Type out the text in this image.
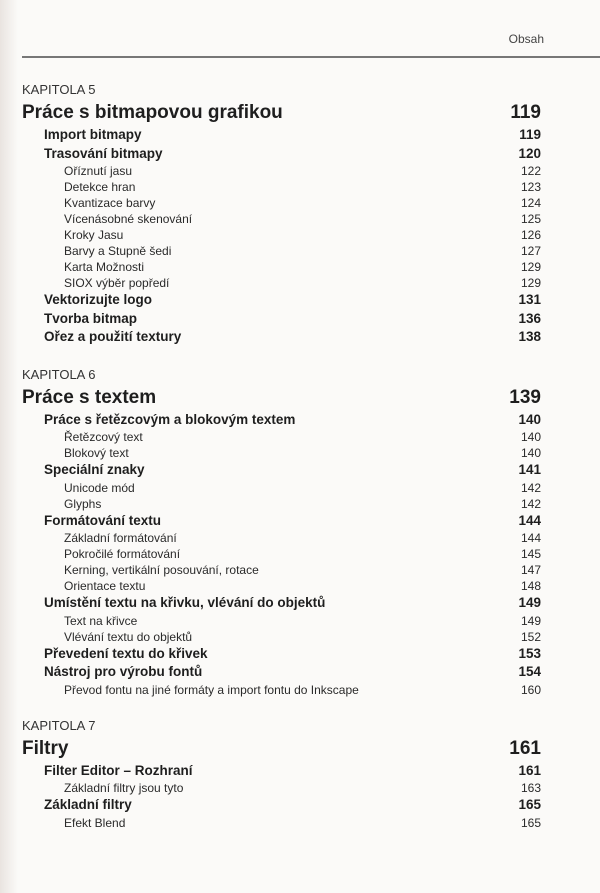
Obsah
KAPITOLA 5
Práce s bitmapovou grafikou	119
Import bitmapy	119
Trasování bitmapy	120
Oříznutí jasu	122
Detekce hran	123
Kvantizace barvy	124
Vícenásobné skenování	125
Kroky Jasu	126
Barvy a Stupně šedi	127
Karta Možnosti	129
SIOX výběr popředí	129
Vektorizujte logo	131
Tvorba bitmap	136
Ořez a použití textury	138
KAPITOLA 6
Práce s textem	139
Práce s řetězcovým a blokovým textem	140
Řetězcový text	140
Blokový text	140
Speciální znaky	141
Unicode mód	142
Glyphs	142
Formátování textu	144
Základní formátování	144
Pokročilé formátování	145
Kerning, vertikální posouvání, rotace	147
Orientace textu	148
Umístění textu na křivku, vlévání do objektů	149
Text na křivce	149
Vlévání textu do objektů	152
Převedení textu do křivek	153
Nástroj pro výrobu fontů	154
Převod fontu na jiné formáty a import fontu do Inkscape	160
KAPITOLA 7
Filtry	161
Filter Editor – Rozhraní	161
Základní filtry jsou tyto	163
Základní filtry	165
Efekt Blend	165
